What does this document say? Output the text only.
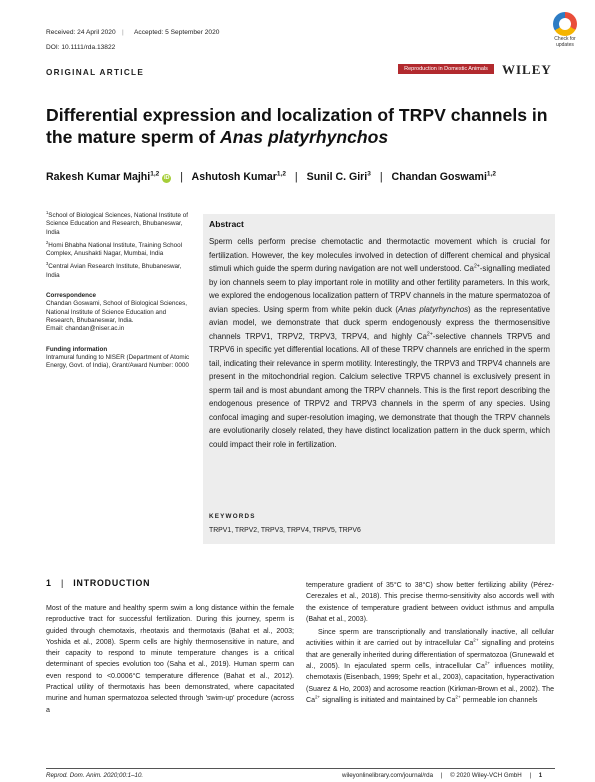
Received: 24 April 2020 | Accepted: 5 September 2020
DOI: 10.1111/rda.13822
Check for
updates
ORIGINAL ARTICLE	Reproduction in Domestic Animals	WILEY
Differential expression and localization of TRPV channels in the mature sperm of Anas platyrhynchos
Rakesh Kumar Majhi$^{1,2}$iD | Ashutosh Kumar$^{1,2}$ | Sunil C. Giri$^3$ | Chandan Goswami$^{1,2}$

$^1$School of Biological Sciences, National Institute of Science Education and Research, Bhubaneswar, India

$^2$Homi Bhabha National Institute, Training School Complex, Anushakti Nagar, Mumbai, India

$^3$Central Avian Research Institute, Bhubaneswar, India

Correspondence

Chandan Goswami, School of Biological Sciences, National Institute of Science Education and Research, Bhubaneswar, India.

Email: chandan@niser.ac.in

Funding information

Intramural funding to NISER (Department of Atomic Energy, Govt. of India), Grant/Award Number: 0000

Abstract
Sperm cells perform precise chemotactic and thermotactic movement which is crucial for fertilization. However, the key molecules involved in detection of different chemical and physical stimuli which guide the sperm during navigation are not well understood. $Ca^{2+}$-signalling mediated by ion channels seem to play important role in motility and other fertility parameters. In this work, we explored the endogenous localization pattern of TRPV channels in the mature spermatozoa of avian species. Using sperm from white pekin duck (Anas platyrhynchos) as the representative avian model, we demonstrate that duck sperm endogenously express the thermosensitive channels TRPV1, TRPV2, TRPV3, TRPV4, and highly $Ca^{2+}$-selective channels TRPV5 and TRPV6 in specific yet differential locations. All of these TRPV channels are enriched in the sperm tail, indicating their relevance in sperm motility. Interestingly, the TRPV3 and TRPV4 channels are present in the mitochondrial region. Calcium selective TRPV5 channel is exclusively present in sperm tail and is most abundant among the TRPV channels. This is the first report describing the endogenous presence of TRPV2 and TRPV3 channels in the sperm of any species. Using confocal imaging and super-resolution imaging, we demonstrate that though the TRPV channels are evolutionarily closely related, they have distinct localization pattern in the duck sperm, which could impact their role in fertilization.
KEYWORDS
TRPV1, TRPV2, TRPV3, TRPV4, TRPV5, TRPV6
1 | INTRODUCTION

Most of the mature and healthy sperm swim a long distance within the female reproductive tract for successful fertilization. During this journey, sperm is guided through chemotaxis, rheotaxis and thermotaxis (Bahat et al., 2003; Yoshida et al., 2008). Sperm cells are highly thermosensitive in nature, and their capacity to respond to minute temperature changes is a critical determinant of species evolution too (Saha et al., 2019). Human sperm can even respond to <0.0006°C temperature difference (Bahat et al., 2012). Practical utility of thermotaxis has been demonstrated, where capacitated murine and human spermatozoa selected through 'swim-up' procedure (across a

temperature gradient of 35°C to 38°C) show better fertilizing ability (Pérez-Cerezales et al., 2018). This precise thermo-sensitivity also accords well with the existence of temperature gradient between oviduct isthmus and ampulla (Bahat et al., 2003).

Since sperm are transcriptionally and translationally inactive, all cellular activities within it are carried out by intracellular $Ca^{2+}$ signalling and proteins that are generally inherited during differentiation of spermatozoa (Grunewald et al., 2005). In ejaculated sperm cells, intracellular $Ca^{2+}$ influences motility, chemotaxis (Eisenbach, 1999; Spehr et al., 2003), capacitation, hyperactivation (Suarez & Ho, 2003) and acrosome reaction (Kirkman-Brown et al., 2002). The $Ca^{2+}$ signalling is initiated and maintained by $Ca^{2+}$ permeable ion channels

Reprod. Dom. Anim. 2020;00:1–10.	wileyonlinelibrary.com/journal/rda | © 2020 Wiley-VCH GmbH | 1
